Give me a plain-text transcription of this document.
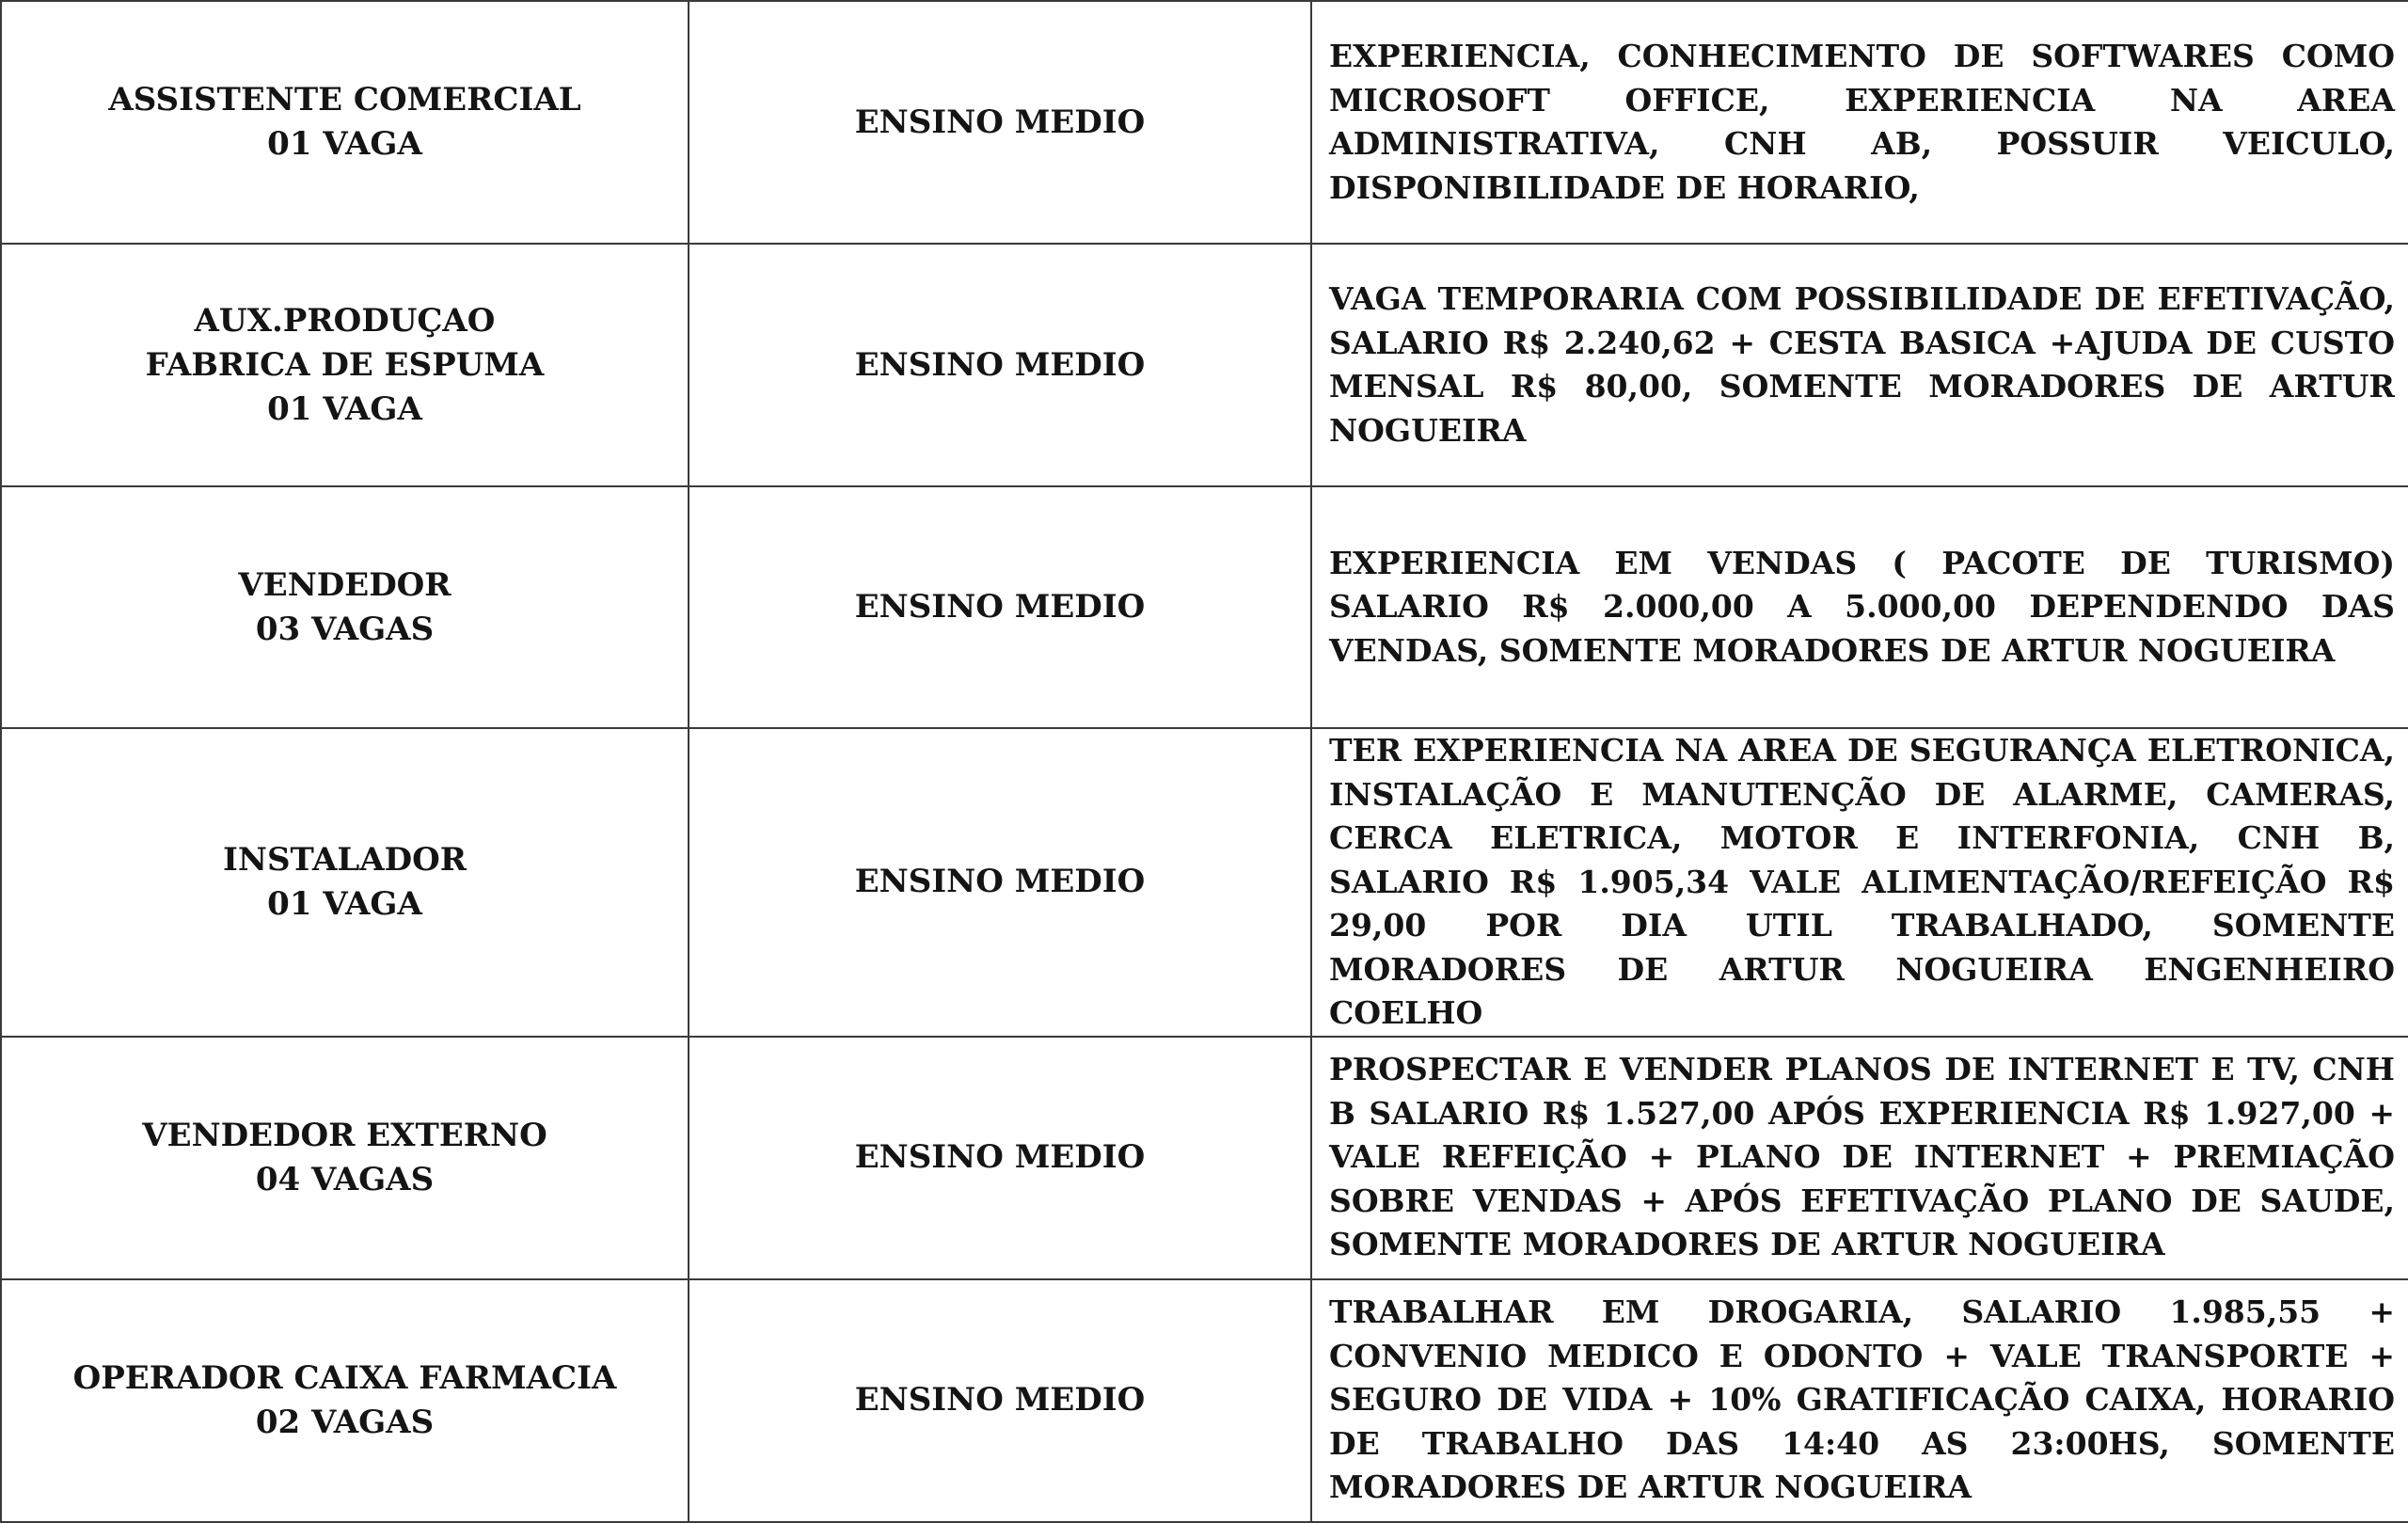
ASSISTENTE COMERCIAL
01 VAGA	ENSINO MEDIO	EXPERIENCIA, CONHECIMENTO DE SOFTWARES COMO MICROSOFT OFFICE, EXPERIENCIA NA AREA ADMINISTRATIVA, CNH AB, POSSUIR VEICULO, DISPONIBILIDADE DE HORARIO,

AUX.PRODUÇAO
FABRICA DE ESPUMA
01 VAGA	ENSINO MEDIO	VAGA TEMPORARIA COM POSSIBILIDADE DE EFETIVAÇÃO, SALARIO R$ 2.240,62 + CESTA BASICA +AJUDA DE CUSTO MENSAL R$ 80,00, SOMENTE MORADORES DE ARTUR NOGUEIRA

VENDEDOR
03 VAGAS	ENSINO MEDIO	EXPERIENCIA EM VENDAS ( PACOTE DE TURISMO) SALARIO R$ 2.000,00 A 5.000,00 DEPENDENDO DAS VENDAS, SOMENTE MORADORES DE ARTUR NOGUEIRA

INSTALADOR
01 VAGA	ENSINO MEDIO	TER EXPERIENCIA NA AREA DE SEGURANÇA ELETRONICA, INSTALAÇÃO E MANUTENÇÃO DE ALARME, CAMERAS, CERCA ELETRICA, MOTOR E INTERFONIA, CNH B, SALARIO R$ 1.905,34 VALE ALIMENTAÇÃO/REFEIÇÃO R$ 29,00 POR DIA UTIL TRABALHADO, SOMENTE MORADORES DE ARTUR NOGUEIRA ENGENHEIRO COELHO

VENDEDOR EXTERNO
04 VAGAS	ENSINO MEDIO	PROSPECTAR E VENDER PLANOS DE INTERNET E TV, CNH B SALARIO R$ 1.527,00 APÓS EXPERIENCIA R$ 1.927,00 + VALE REFEIÇÃO + PLANO DE INTERNET + PREMIAÇÃO SOBRE VENDAS + APÓS EFETIVAÇÃO PLANO DE SAUDE, SOMENTE MORADORES DE ARTUR NOGUEIRA

OPERADOR CAIXA FARMACIA
02 VAGAS	ENSINO MEDIO	TRABALHAR EM DROGARIA, SALARIO 1.985,55 + CONVENIO MEDICO E ODONTO + VALE TRANSPORTE + SEGURO DE VIDA + 10% GRATIFICAÇÃO CAIXA, HORARIO DE TRABALHO DAS 14:40 AS 23:00HS, SOMENTE MORADORES DE ARTUR NOGUEIRA
